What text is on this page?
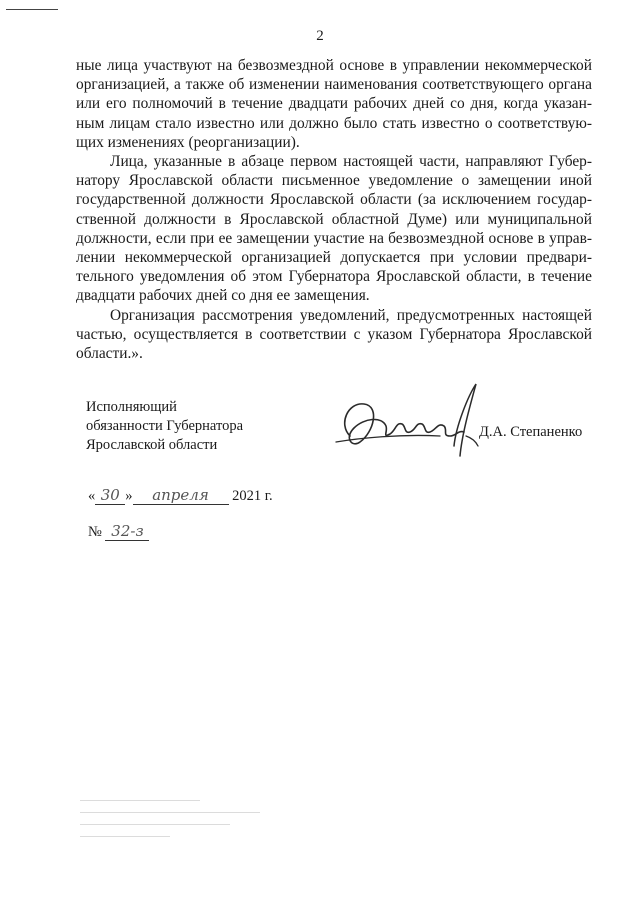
2
ные лица участвуют на безвозмездной основе в управлении некоммерческой
организацией, а также об изменении наименования соответствующего органа
или его полномочий в течение двадцати рабочих дней со дня, когда указан-
ным лицам стало известно или должно было стать известно о соответствую-
щих изменениях (реорганизации).
Лица, указанные в абзаце первом настоящей части, направляют Губер-
натору Ярославской области письменное уведомление о замещении иной
государственной должности Ярославской области (за исключением государ-
ственной должности в Ярославской областной Думе) или муниципальной
должности, если при ее замещении участие на безвозмездной основе в управ-
лении некоммерческой организацией допускается при условии предвари-
тельного уведомления об этом Губернатора Ярославской области, в течение
двадцати рабочих дней со дня ее замещения.
Организация рассмотрения уведомлений, предусмотренных настоящей
частью, осуществляется в соответствии с указом Губернатора Ярославской
области.».
Исполняющий
обязанности Губернатора
Ярославской области
Д.А. Степаненко
« 30 » апреля 2021 г.
№ 32-з
